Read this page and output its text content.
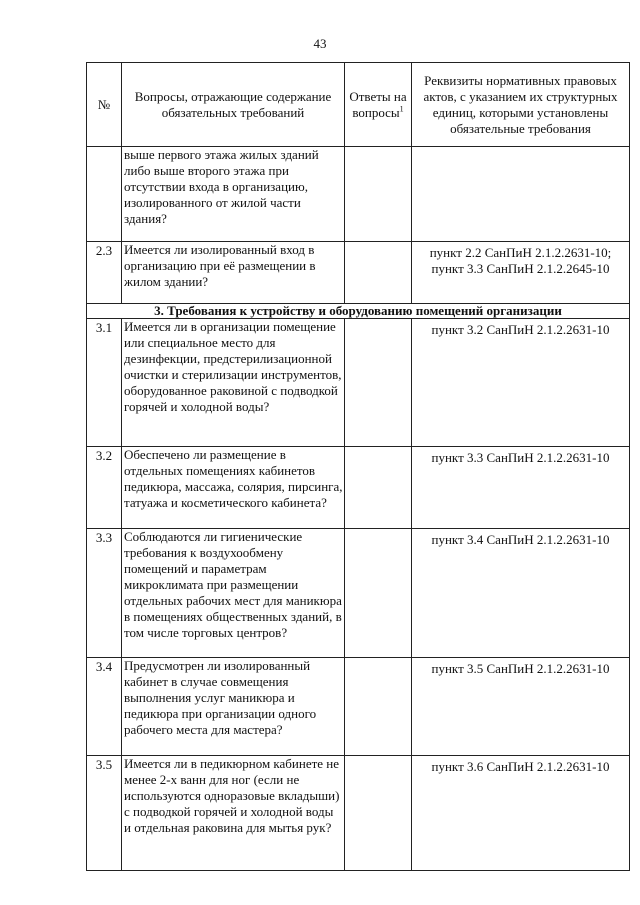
43
№	Вопросы, отражающие содержание обязательных требований	Ответы на вопросы$^1$	Реквизиты нормативных правовых актов, с указанием их структурных единиц, которыми установлены обязательные требования
	выше первого этажа жилых зданий либо выше второго этажа при отсутствии входа в организацию, изолированного от жилой части здания?		
2.3	Имеется ли изолированный вход в организацию при её размещении в жилом здании?		пункт 2.2 СанПиН 2.1.2.2631-10; пункт 3.3 СанПиН 2.1.2.2645-10
3. Требования к устройству и оборудованию помещений организации			
3.1	Имеется ли в организации помещение или специальное место для дезинфекции, предстерилизационной очистки и стерилизации инструментов, оборудованное раковиной с подводкой горячей и холодной воды?		пункт 3.2 СанПиН 2.1.2.2631-10
3.2	Обеспечено ли размещение в отдельных помещениях кабинетов педикюра, массажа, солярия, пирсинга, татуажа и косметического кабинета?		пункт 3.3 СанПиН 2.1.2.2631-10
3.3	Соблюдаются ли гигиенические требования к воздухообмену помещений и параметрам микроклимата при размещении отдельных рабочих мест для маникюра в помещениях общественных зданий, в том числе торговых центров?		пункт 3.4 СанПиН 2.1.2.2631-10
3.4	Предусмотрен ли изолированный кабинет в случае совмещения выполнения услуг маникюра и педикюра при организации одного рабочего места для мастера?		пункт 3.5 СанПиН 2.1.2.2631-10
3.5	Имеется ли в педикюрном кабинете не менее 2-х ванн для ног (если не используются одноразовые вкладыши) с подводкой горячей и холодной воды и отдельная раковина для мытья рук?		пункт 3.6 СанПиН 2.1.2.2631-10
